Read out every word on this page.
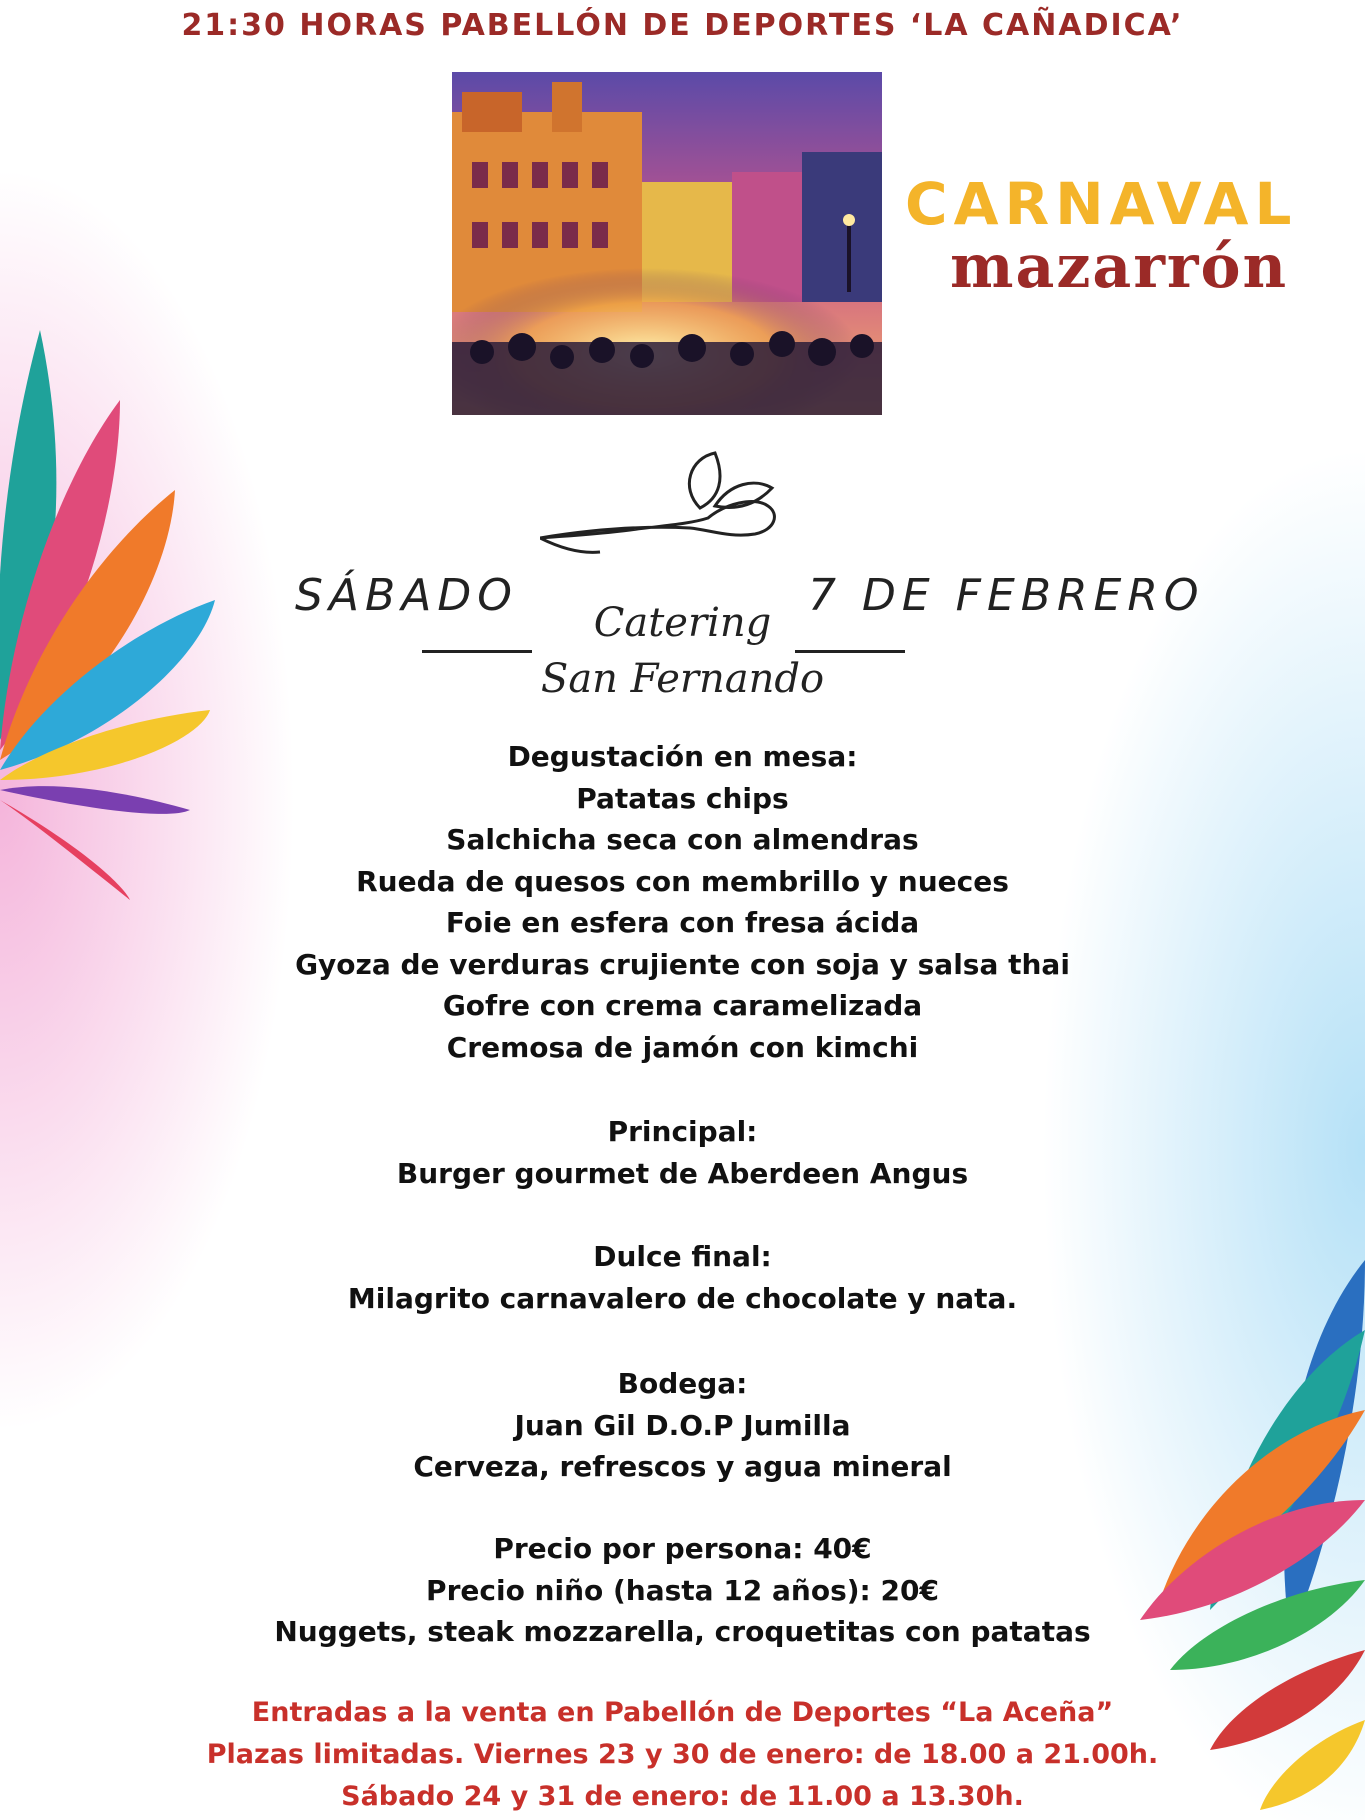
21:30 HORAS PABELLÓN DE DEPORTES ‘LA CAÑADICA’
CARNAVAL
mazarrón
SÁBADO	7 DE FEBRERO
Catering
San Fernando
Degustación en mesa:
Patatas chips
Salchicha seca con almendras
Rueda de quesos con membrillo y nueces
Foie en esfera con fresa ácida
Gyoza de verduras crujiente con soja y salsa thai
Gofre con crema caramelizada
Cremosa de jamón con kimchi
Principal:
Burger gourmet de Aberdeen Angus
Dulce final:
Milagrito carnavalero de chocolate y nata.
Bodega:
Juan Gil D.O.P Jumilla
Cerveza, refrescos y agua mineral
Precio por persona: 40€
Precio niño (hasta 12 años): 20€
Nuggets, steak mozzarella, croquetitas con patatas
Entradas a la venta en Pabellón de Deportes “La Aceña”
Plazas limitadas. Viernes 23 y 30 de enero: de 18.00 a 21.00h.
Sábado 24 y 31 de enero: de 11.00 a 13.30h.
